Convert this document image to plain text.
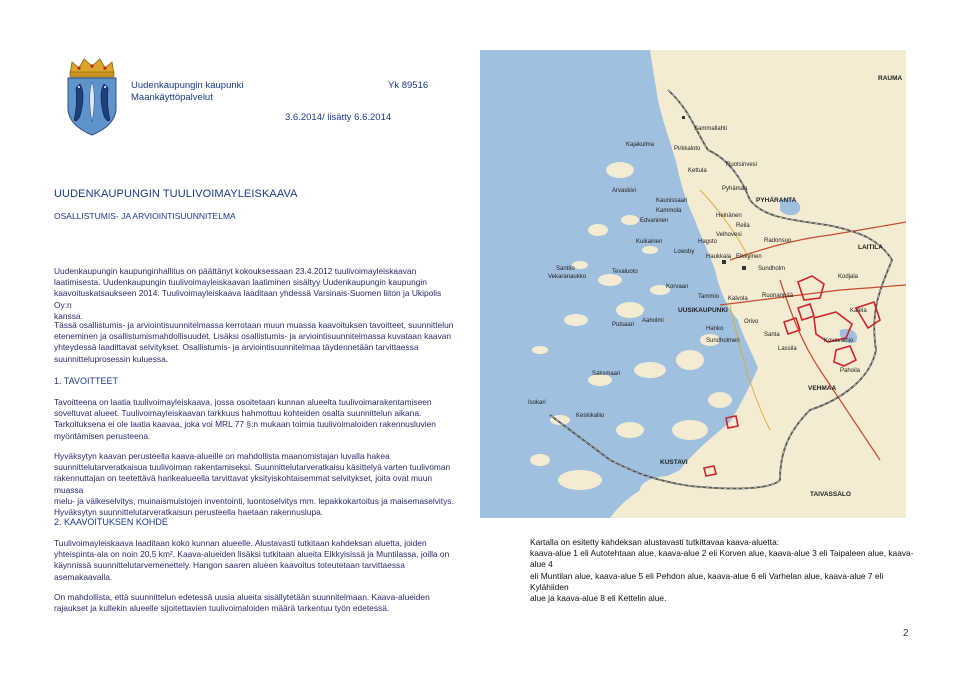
Uudenkaupungin kaupunki
Maankäyttöpalvelut
Yk 89516
3.6.2014/ lisätty 6.6.2014
UUDENKAUPUNGIN TUULIVOIMAYLEISKAAVA
OSALLISTUMIS- JA ARVIOINTISUUNNITELMA
Uudenkaupungin kaupunginhallitus on päättänyt kokouksessaan 23.4.2012 tuulivoimayleiskaavan
laatimisesta. Uudenkaupungin tuulivoimayleiskaavan laatiminen sisältyy Uudenkaupungin kaupungin
kaavoituskatsaukseen 2014. Tuulivoimayleiskaava laaditaan yhdessä Varsinais-Suomen liiton ja Ukipolis Oy:n
kanssa.
Tässä osallistumis- ja arviointisuunnitelmassa kerrotaan muun muassa kaavoituksen tavoitteet, suunnittelun
eteneminen ja osallistumismahdollisuudet. Lisäksi osallistumis- ja arviointisuunnitelmassa kuvataan kaavan
yhteydessä laadittavat selvitykset. Osallistumis- ja arviointisuunnitelmaa täydennetään tarvittaessa
suunnitteluprosessin kuluessa.
1. TAVOITTEET
Tavoitteena on laatia tuulivoimayleiskaava, jossa osoitetaan kunnan alueelta tuulivoimarakentamiseen
soveltuvat alueet. Tuulivoimayleiskaavan tarkkuus hahmottuu kohteiden osalta suunnittelun aikana.
Tarkoituksena ei ole laatia kaavaa, joka voi MRL 77 §:n mukaan toimia tuulivoimaloiden rakennusluvien
myöntämisen perusteena.
Hyväksytyn kaavan perusteella kaava-alueille on mahdollista maanomistajan luvalla hakea
suunnittelutarveratkaisua tuulivoiman rakentamiseksi. Suunnittelutarveratkaisu käsittelyä varten tuulivoman
rakennuttajan on teetettävä hankealueella tarvittavat yksityiskohtaisemmat selvitykset, joita ovat muun muassa
melu- ja välkeselvitys, muinaismuistojen inventointi, luontoselvitys mm. lepakkokartoitus ja maisemaselvitys.
Hyväksytyn suunnittelutarveratkaisun perusteella haetaan rakennuslupa.
2. KAAVOITUKSEN KOHDE
Tuulivoimayleiskaava laaditaan koko kunnan alueelle. Alustavasti tutkitaan kahdeksan aluetta, joiden
yhteispinta-ala on noin 20,5 km². Kaava-alueiden lisäksi tutkitaan alueita Elkkyisissä ja Muntilassa, joilla on
käynnissä suunnittelutarvemenettely. Hangon saaren alueen kaavoitus toteutetaan tarvittaessa
asemakaavalla.
On mahdollista, että suunnittelun edetessä uusia alueita sisällytetään suunnitelmaan. Kaava-alueiden
rajaukset ja kullekin alueelle sijoitettavien tuulivoimaloiden määrä tarkentuu työn edetessä.
Sammallahti
Kajakulma
Pirkkaloto
Ruotsinvesi
Kettula
RAUMA
Pyhämaa
Arvaskivi
PYHÄRANTA
Kaunissaari
Kammola
Heinänen
Edvaninen
Reila
Velhovesi
Kuikainen	Hagsto	Radonsuo
LAITILA
Lowsby
Haukkala Elkkyinen
Santtio
Vekaranaukko
Tevaluoto	Sundholm
Korvaan
Kodjala
Tammio Kalvola
UUSIKAUPUNKI
Ruonanpää
Kalela
Putsaari
Aaholmi
Hanko
Orivo
Santa
Sundholmen	Kovavainio
Lassila
Pahoila
Saksmaari
VEHMAA
Isokari
Keskikallio
KUSTAVI
TAIVASSALO
Kartalla on esitetty kahdeksan alustavasti tutkittavaa kaava-aluetta:
kaava-alue 1 eli Autotehtaan alue, kaava-alue 2 eli Korven alue, kaava-alue 3 eli Taipaleen alue, kaava-alue 4
eli Muntilan alue, kaava-alue 5 eli Pehdon alue, kaava-alue 6 eli Varhelan alue, kaava-alue 7 eli Kylähiiden
alue ja kaava-alue 8 eli Kettelin alue.
2
